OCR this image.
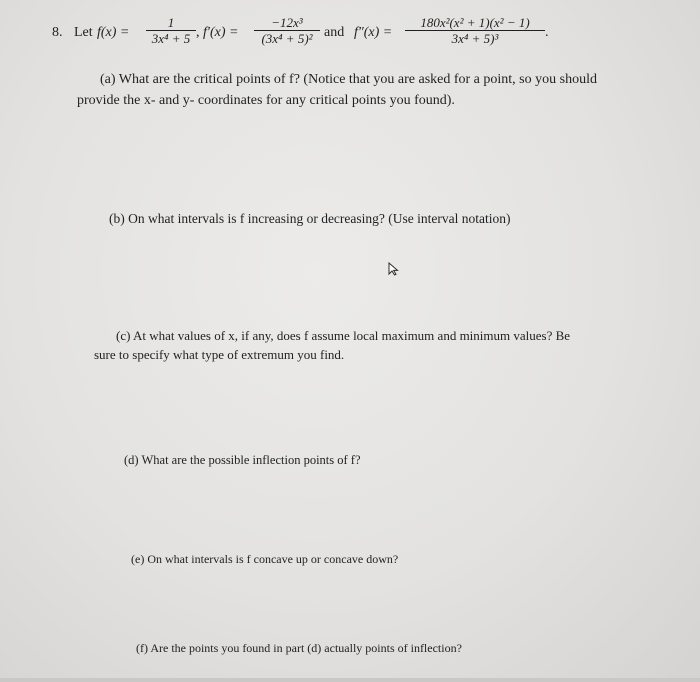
8. Let $f(x) = \frac{1}{\text{3x⁴ + 5}}$ , $f'(x) = \frac{\text{−12x³}}{\text{(3x⁴ + 5)²}}$ and $f''(x) = \frac{\text{180x²(x² + 1)(x² − 1)}}{\text{3x⁴ + 5)³}}$ .
(a) What are the critical points of f? (Notice that you are asked for a point, so you should
provide the x- and y- coordinates for any critical points you found).
(b) On what intervals is f increasing or decreasing? (Use interval notation)
(c) At what values of x, if any, does f assume local maximum and minimum values? Be
sure to specify what type of extremum you find.
(d) What are the possible inflection points of f?
(e) On what intervals is f concave up or concave down?
(f) Are the points you found in part (d) actually points of inflection?
